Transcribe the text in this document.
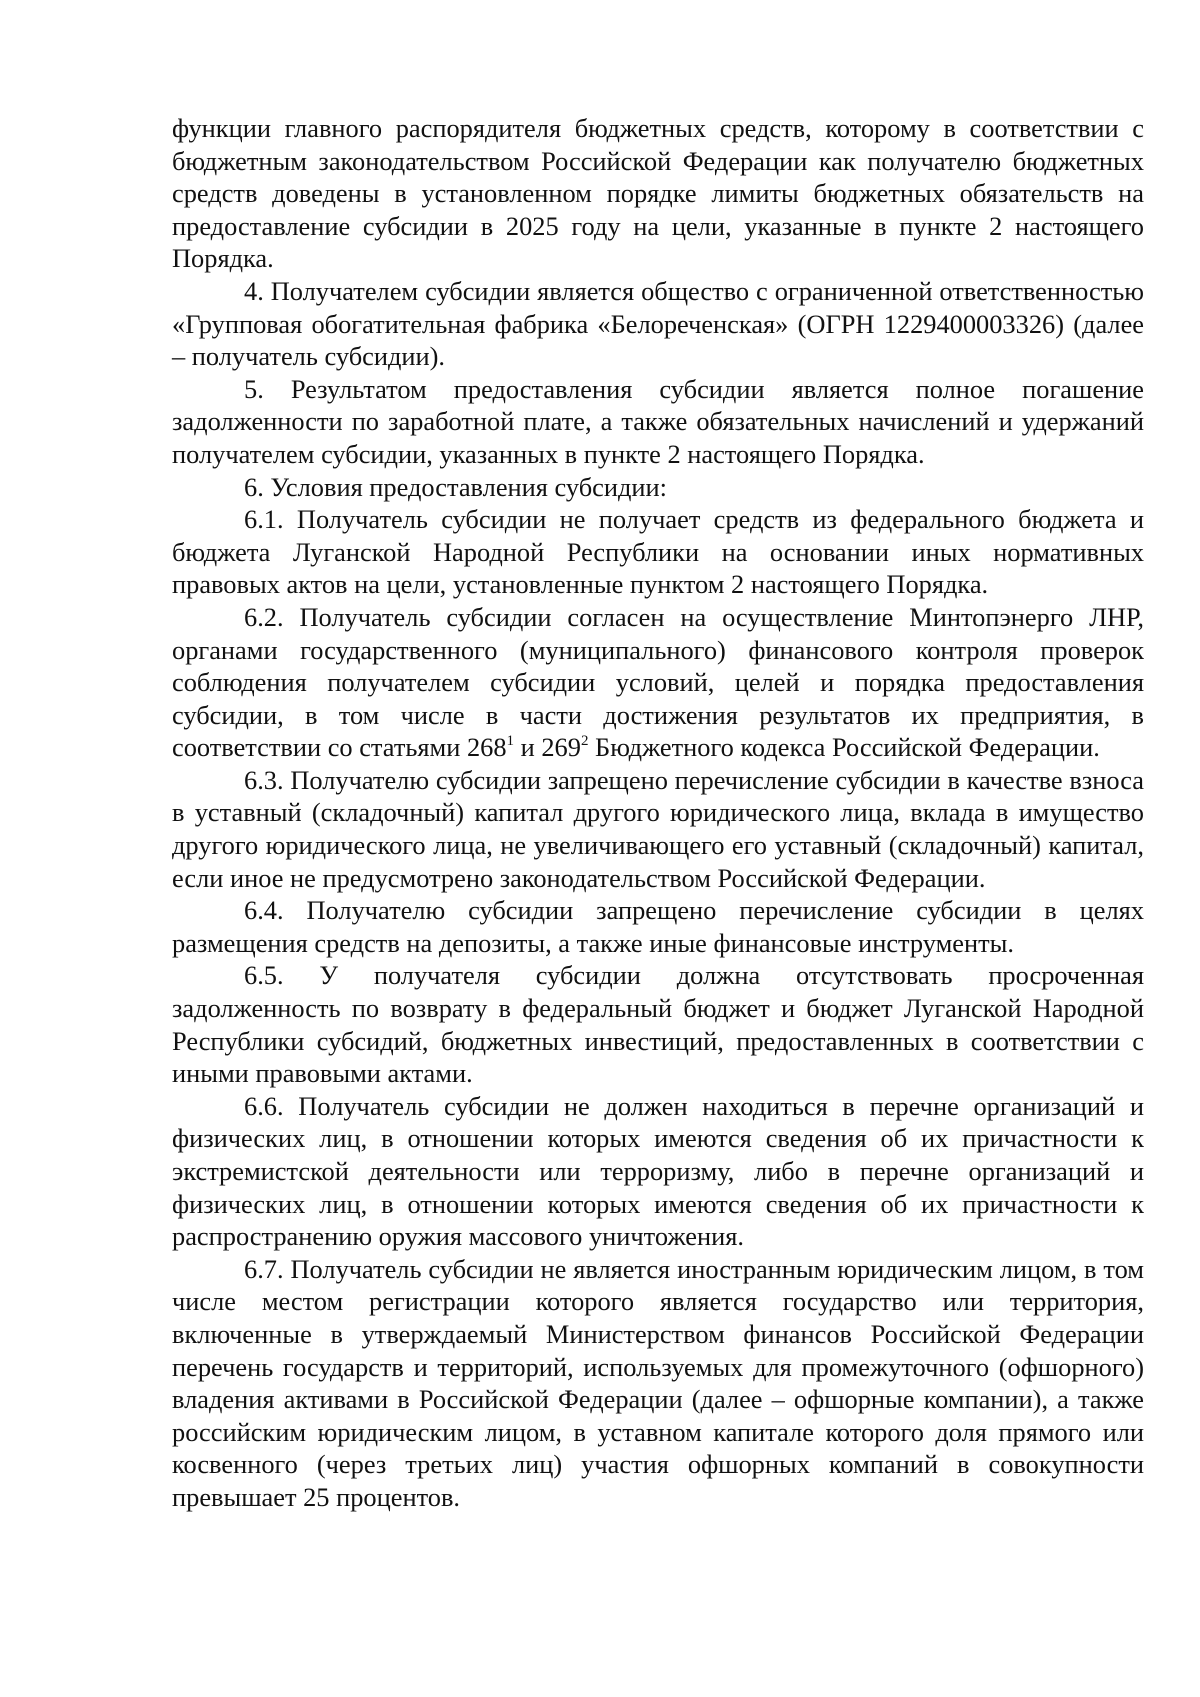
функции главного распорядителя бюджетных средств, которому в соответствии с бюджетным законодательством Российской Федерации как получателю бюджетных средств доведены в установленном порядке лимиты бюджетных обязательств на предоставление субсидии в 2025 году на цели, указанные в пункте 2 настоящего Порядка.

4. Получателем субсидии является общество с ограниченной ответственностью «Групповая обогатительная фабрика «Белореченская» (ОГРН 1229400003326) (далее – получатель субсидии).

5. Результатом предоставления субсидии является полное погашение задолженности по заработной плате, а также обязательных начислений и удержаний получателем субсидии, указанных в пункте 2 настоящего Порядка.

6. Условия предоставления субсидии:

6.1. Получатель субсидии не получает средств из федерального бюджета и бюджета Луганской Народной Республики на основании иных нормативных правовых актов на цели, установленные пунктом 2 настоящего Порядка.

6.2. Получатель субсидии согласен на осуществление Минтопэнерго ЛНР, органами государственного (муниципального) финансового контроля проверок соблюдения получателем субсидии условий, целей и порядка предоставления субсидии, в том числе в части достижения результатов их предприятия, в соответствии со статьями $268^1$ и $269^2$ Бюджетного кодекса Российской Федерации.

6.3. Получателю субсидии запрещено перечисление субсидии в качестве взноса в уставный (складочный) капитал другого юридического лица, вклада в имущество другого юридического лица, не увеличивающего его уставный (складочный) капитал, если иное не предусмотрено законодательством Российской Федерации.

6.4. Получателю субсидии запрещено перечисление субсидии в целях размещения средств на депозиты, а также иные финансовые инструменты.

6.5. У получателя субсидии должна отсутствовать просроченная задолженность по возврату в федеральный бюджет и бюджет Луганской Народной Республики субсидий, бюджетных инвестиций, предоставленных в соответствии с иными правовыми актами.

6.6. Получатель субсидии не должен находиться в перечне организаций и физических лиц, в отношении которых имеются сведения об их причастности к экстремистской деятельности или терроризму, либо в перечне организаций и физических лиц, в отношении которых имеются сведения об их причастности к распространению оружия массового уничтожения.

6.7. Получатель субсидии не является иностранным юридическим лицом, в том числе местом регистрации которого является государство или территория, включенные в утверждаемый Министерством финансов Российской Федерации перечень государств и территорий, используемых для промежуточного (офшорного) владения активами в Российской Федерации (далее – офшорные компании), а также российским юридическим лицом, в уставном капитале которого доля прямого или косвенного (через третьих лиц) участия офшорных компаний в совокупности превышает 25 процентов.
